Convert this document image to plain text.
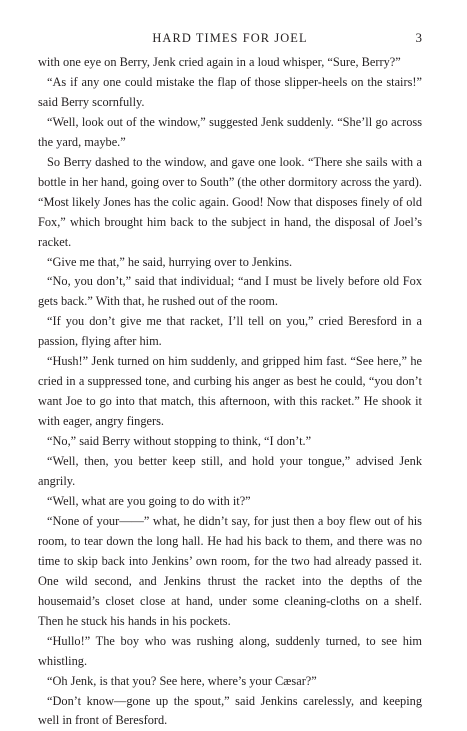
HARD TIMES FOR JOEL	3

with one eye on Berry, Jenk cried again in a loud whisper, “Sure, Berry?”

“As if any one could mistake the flap of those slipper-heels on the stairs!” said Berry scornfully.

“Well, look out of the window,” suggested Jenk suddenly. “She’ll go across the yard, maybe.”

So Berry dashed to the window, and gave one look. “There she sails with a bottle in her hand, going over to South” (the other dormitory across the yard). “Most likely Jones has the colic again. Good! Now that disposes finely of old Fox,” which brought him back to the subject in hand, the disposal of Joel’s racket.

“Give me that,” he said, hurrying over to Jenkins.

“No, you don’t,” said that individual; “and I must be lively before old Fox gets back.” With that, he rushed out of the room.

“If you don’t give me that racket, I’ll tell on you,” cried Beresford in a passion, flying after him.

“Hush!” Jenk turned on him suddenly, and gripped him fast. “See here,” he cried in a suppressed tone, and curbing his anger as best he could, “you don’t want Joe to go into that match, this afternoon, with this racket.” He shook it with eager, angry fingers.

“No,” said Berry without stopping to think, “I don’t.”

“Well, then, you better keep still, and hold your tongue,” advised Jenk angrily.

“Well, what are you going to do with it?”

“None of your——” what, he didn’t say, for just then a boy flew out of his room, to tear down the long hall. He had his back to them, and there was no time to skip back into Jenkins’ own room, for the two had already passed it. One wild second, and Jenkins thrust the racket into the depths of the housemaid’s closet close at hand, under some cleaning-cloths on a shelf. Then he stuck his hands in his pockets.

“Hullo!” The boy who was rushing along, suddenly turned, to see him whistling.

“Oh Jenk, is that you? See here, where’s your Cæsar?”

“Don’t know—gone up the spout,” said Jenkins carelessly, and keeping well in front of Beresford.
